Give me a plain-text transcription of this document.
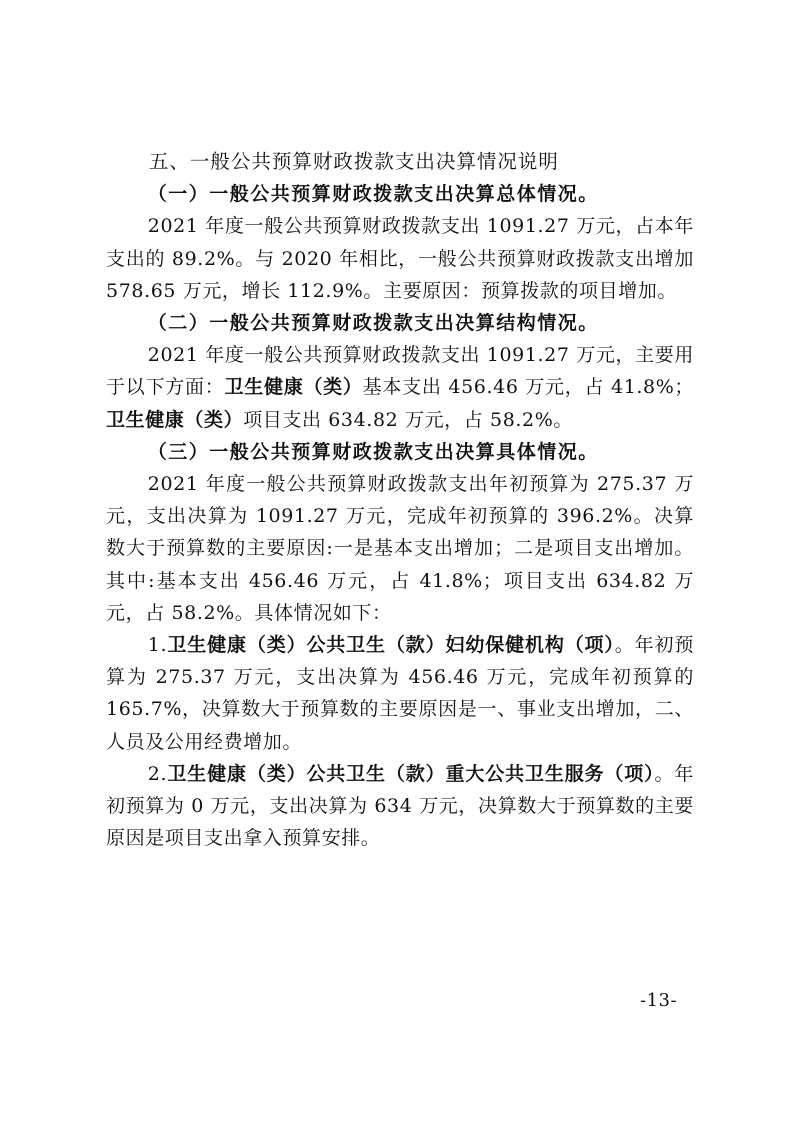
五、一般公共预算财政拨款支出决算情况说明

（一）一般公共预算财政拨款支出决算总体情况。

2021 年度一般公共预算财政拨款支出 1091.27 万元，占本年支出的 89.2%。与 2020 年相比，一般公共预算财政拨款支出增加578.65 万元，增长 112.9%。主要原因：预算拨款的项目增加。

（二）一般公共预算财政拨款支出决算结构情况。

2021 年度一般公共预算财政拨款支出 1091.27 万元，主要用于以下方面：卫生健康（类）基本支出 456.46 万元，占 41.8%；卫生健康（类）项目支出 634.82 万元，占 58.2%。

（三）一般公共预算财政拨款支出决算具体情况。

2021 年度一般公共预算财政拨款支出年初预算为 275.37 万元，支出决算为 1091.27 万元，完成年初预算的 396.2%。决算数大于预算数的主要原因:一是基本支出增加；二是项目支出增加。其中:基本支出 456.46 万元，占 41.8%；项目支出 634.82 万元，占 58.2%。具体情况如下：

1.卫生健康（类）公共卫生（款）妇幼保健机构（项）。年初预算为 275.37 万元，支出决算为 456.46 万元，完成年初预算的 165.7%，决算数大于预算数的主要原因是一、事业支出增加，二、人员及公用经费增加。

2.卫生健康（类）公共卫生（款）重大公共卫生服务（项）。年初预算为 0 万元，支出决算为 634 万元，决算数大于预算数的主要原因是项目支出拿入预算安排。

-13-
